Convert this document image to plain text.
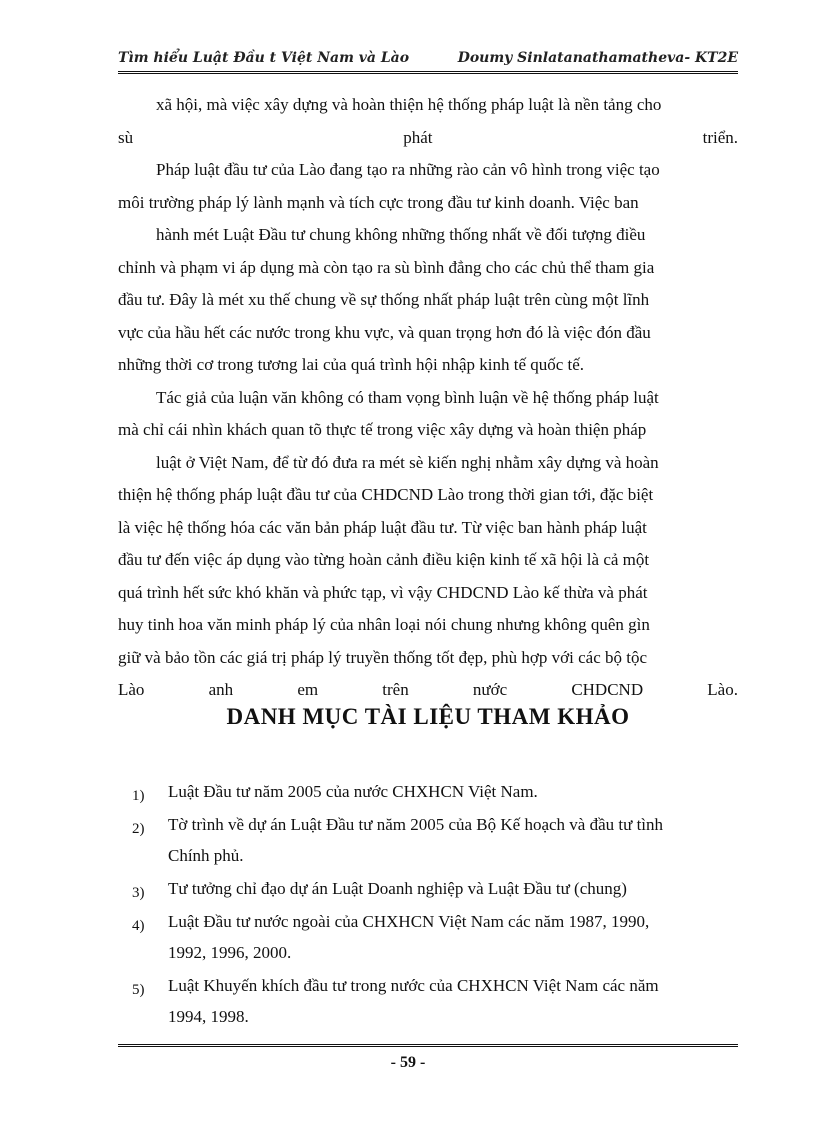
Tìm hiểu Luật Đầu t Việt Nam và Lào	Doumy Sinlatanathamatheva- KT2E
xã hội, mà việc xây dựng và hoàn thiện hệ thống pháp luật là nền tảng cho
sù	phát	triển.
Pháp luật đầu tư của Lào đang tạo ra những rào cản vô hình trong việc tạo
môi trường pháp lý lành mạnh và tích cực trong đầu tư kinh doanh. Việc ban
hành mét Luật Đầu tư chung không những thống nhất về đối tượng điều
chỉnh và phạm vi áp dụng mà còn tạo ra sù bình đẳng cho các chủ thể tham gia
đầu tư. Đây là mét xu thế chung về sự thống nhất pháp luật trên cùng một lĩnh
vực của hầu hết các nước trong khu vực, và quan trọng hơn đó là việc đón đầu
những thời cơ trong tương lai của quá trình hội nhập kinh tế quốc tế.
Tác giả của luận văn không có tham vọng bình luận về hệ thống pháp luật
mà chỉ cái nhìn khách quan tõ thực tế trong việc xây dựng và hoàn thiện pháp
luật ở Việt Nam, để từ đó đưa ra mét sè kiến nghị nhằm xây dựng và hoàn
thiện hệ thống pháp luật đầu tư của CHDCND Lào trong thời gian tới, đặc biệt
là việc hệ thống hóa các văn bản pháp luật đầu tư. Từ việc ban hành pháp luật
đầu tư đến việc áp dụng vào từng hoàn cảnh điều kiện kinh tế xã hội là cả một
quá trình hết sức khó khăn và phức tạp, vì vậy CHDCND Lào kế thừa và phát
huy tinh hoa văn minh pháp lý của nhân loại nói chung nhưng không quên gìn
giữ và bảo tồn các giá trị pháp lý truyền thống tốt đẹp, phù hợp với các bộ tộc
Lào	anh	em	trên	nước	CHDCND	Lào.
DANH MỤC TÀI LIỆU THAM KHẢO
1) Luật Đầu tư năm 2005 của nước CHXHCN Việt Nam.
2) Tờ trình về dự án Luật Đầu tư năm 2005 của Bộ Kế hoạch và đầu tư tình
Chính phủ.
3) Tư tưởng chỉ đạo dự án Luật Doanh nghiệp và Luật Đầu tư (chung)
4) Luật Đầu tư nước ngoài của CHXHCN Việt Nam các năm 1987, 1990,
1992, 1996, 2000.
5) Luật Khuyến khích đầu tư trong nước của CHXHCN Việt Nam các năm
1994, 1998.
- 59 -
